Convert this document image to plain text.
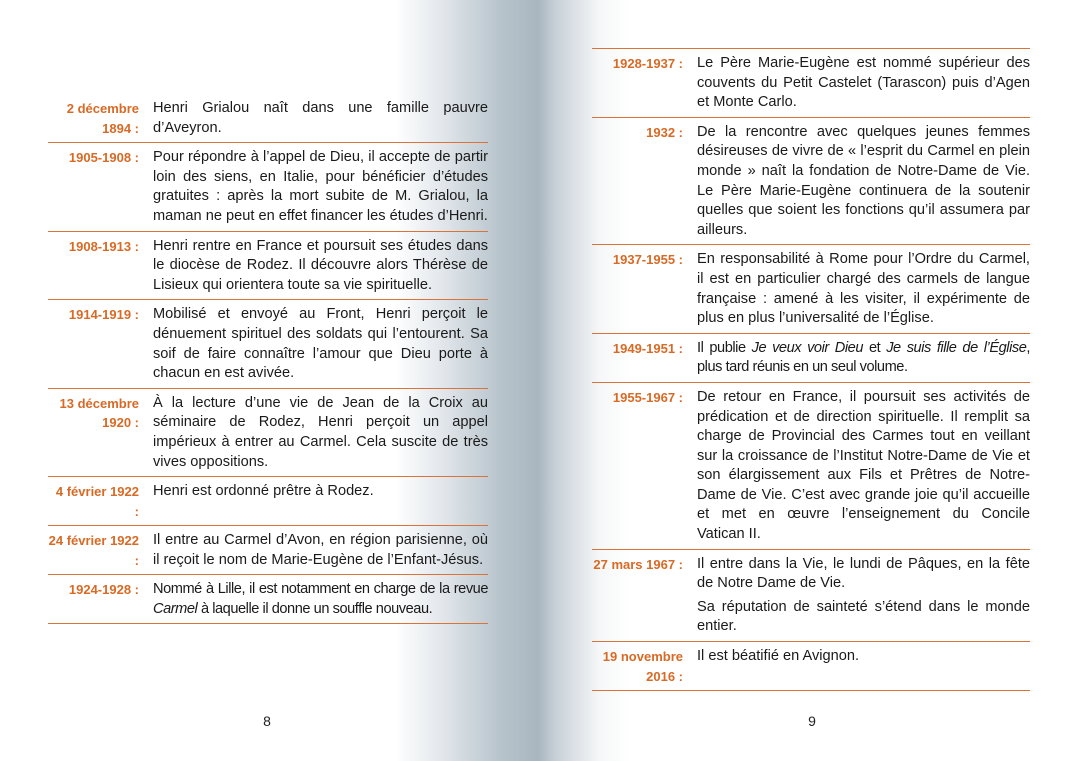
2 décembre 1894 :
Henri Grialou naît dans une famille pauvre d’Aveyron.
1905-1908 : Pour répondre à l’appel de Dieu, il accepte de partir loin des siens, en Italie, pour bénéficier d’études gratuites : après la mort subite de M. Grialou, la maman ne peut en effet financer les études d’Henri.
1908-1913 : Henri rentre en France et poursuit ses études dans le diocèse de Rodez. Il découvre alors Thérèse de Lisieux qui orientera toute sa vie spirituelle.
1914-1919 : Mobilisé et envoyé au Front, Henri perçoit le dénuement spirituel des soldats qui l’entourent. Sa soif de faire connaître l’amour que Dieu porte à chacun en est avivée.
13 décembre 1920 :
À la lecture d’une vie de Jean de la Croix au séminaire de Rodez, Henri perçoit un appel impérieux à entrer au Carmel. Cela suscite de très vives oppositions.
4 février 1922 :
Henri est ordonné prêtre à Rodez.
24 février 1922 :
Il entre au Carmel d’Avon, en région parisienne, où il reçoit le nom de Marie-Eugène de l’Enfant-Jésus.
1924-1928 : Nommé à Lille, il est notamment en charge de la revue Carmel à laquelle il donne un souffle nouveau.
8
1928-1937 : Le Père Marie-Eugène est nommé supérieur des couvents du Petit Castelet (Tarascon) puis d’Agen et Monte Carlo.
1932 : De la rencontre avec quelques jeunes femmes désireuses de vivre de « l’esprit du Carmel en plein monde » naît la fondation de Notre-Dame de Vie. Le Père Marie-Eugène continuera de la soutenir quelles que soient les fonctions qu’il assumera par ailleurs.
1937-1955 : En responsabilité à Rome pour l’Ordre du Carmel, il est en particulier chargé des carmels de langue française : amené à les visiter, il expérimente de plus en plus l’universalité de l’Église.
1949-1951 : Il publie Je veux voir Dieu et Je suis fille de l’Église, plus tard réunis en un seul volume.
1955-1967 : De retour en France, il poursuit ses activités de prédication et de direction spirituelle. Il remplit sa charge de Provincial des Carmes tout en veillant sur la croissance de l’Institut Notre-Dame de Vie et son élargissement aux Fils et Prêtres de Notre-Dame de Vie. C’est avec grande joie qu’il accueille et met en œuvre l’enseignement du Concile Vatican II.
27 mars 1967 : Il entre dans la Vie, le lundi de Pâques, en la fête de Notre Dame de Vie.
Sa réputation de sainteté s’étend dans le monde entier.
19 novembre 2016 :
Il est béatifié en Avignon.
9
